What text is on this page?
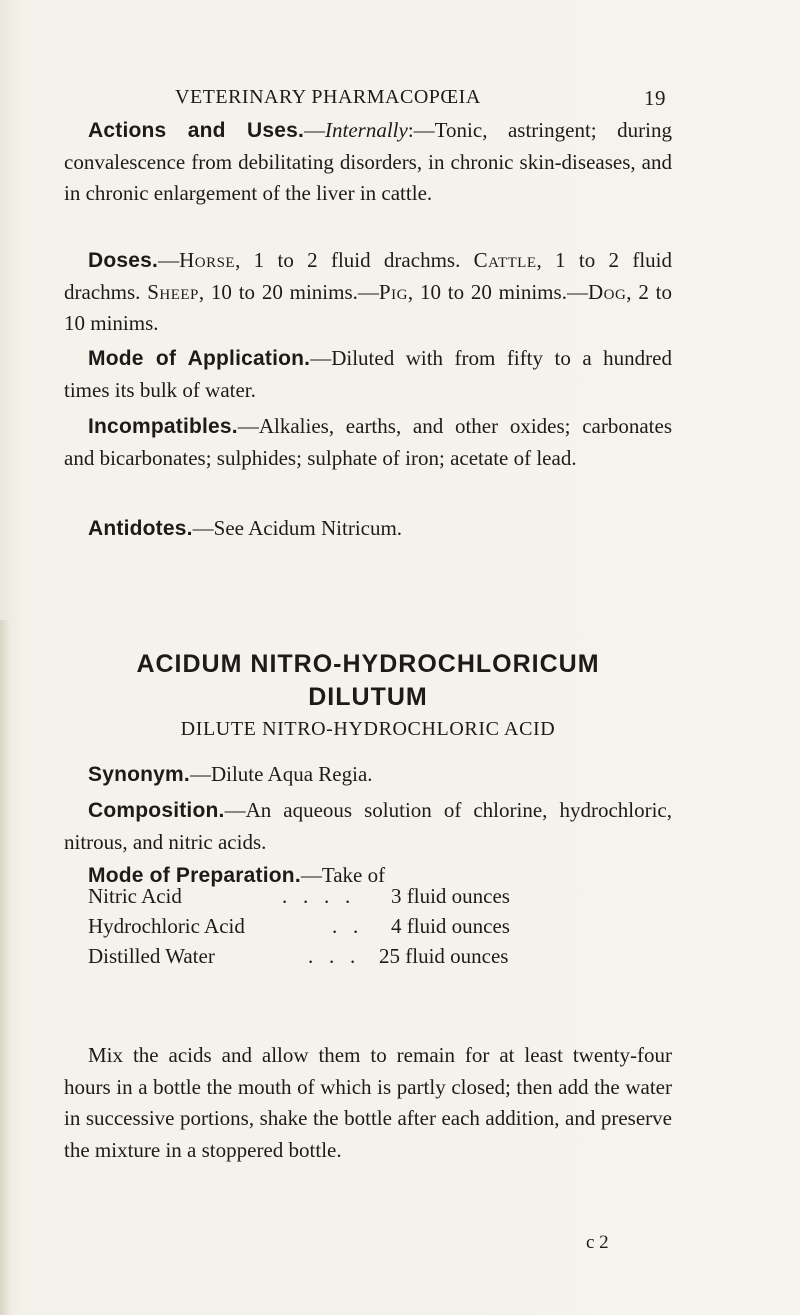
VETERINARY PHARMACOPŒIA	19

Actions and Uses.—Internally:—Tonic, astringent; during convalescence from debilitating disorders, in chronic skin-diseases, and in chronic enlargement of the liver in cattle.

Doses.—Horse, 1 to 2 fluid drachms. Cattle, 1 to 2 fluid drachms. Sheep, 10 to 20 minims.—Pig, 10 to 20 minims.—Dog, 2 to 10 minims.

Mode of Application.—Diluted with from fifty to a hundred times its bulk of water.

Incompatibles.—Alkalies, earths, and other oxides; carbonates and bicarbonates; sulphides; sulphate of iron; acetate of lead.

Antidotes.—See Acidum Nitricum.

ACIDUM NITRO-HYDROCHLORICUM
DILUTUM
DILUTE NITRO-HYDROCHLORIC ACID

Synonym.—Dilute Aqua Regia.

Composition.—An aqueous solution of chlorine, hydrochloric, nitrous, and nitric acids.

Mode of Preparation.—Take of

Nitric Acid	.   .   .   . 3 fluid ounces
Hydrochloric Acid	.   . 4 fluid ounces
Distilled Water	.   .   . 25 fluid ounces

Mix the acids and allow them to remain for at least twenty-four hours in a bottle the mouth of which is partly closed; then add the water in successive portions, shake the bottle after each addition, and preserve the mixture in a stoppered bottle.

c 2
